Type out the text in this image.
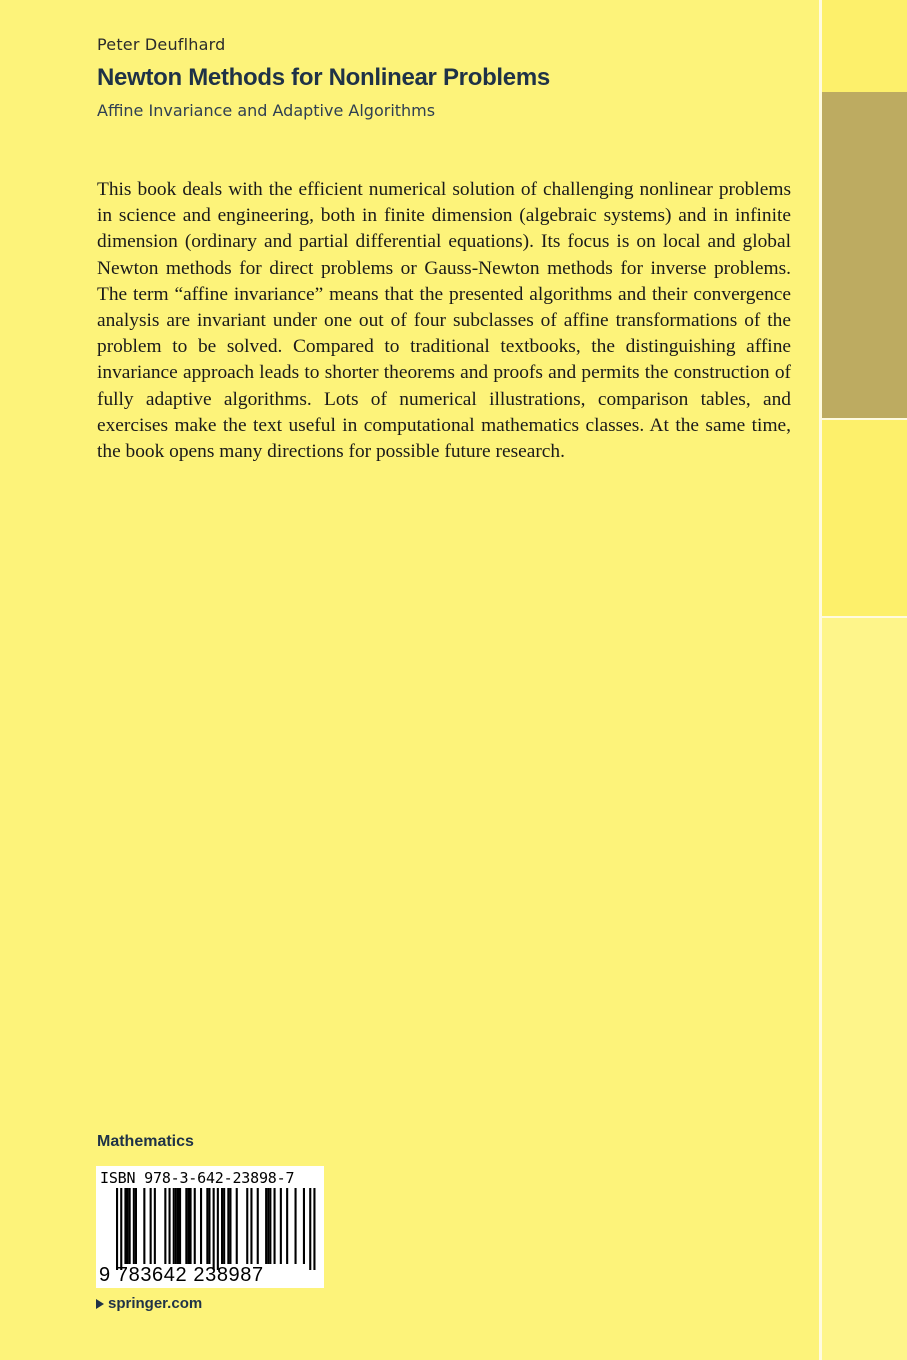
Peter Deuflhard
Newton Methods for Nonlinear Problems
Affine Invariance and Adaptive Algorithms

This book deals with the efficient numerical solution of challenging nonlinear problems in science and engineering, both in finite dimension (algebraic systems) and in infinite dimension (ordinary and partial differential equations). Its focus is on local and global Newton methods for direct problems or Gauss-Newton methods for inverse problems. The term “affine invariance” means that the presented algorithms and their convergence analysis are invariant under one out of four subclasses of affine transformations of the problem to be solved. Compared to traditional textbooks, the distinguishing affine invariance approach leads to shorter theorems and proofs and permits the construction of fully adaptive algorithms. Lots of numerical illustrations, comparison tables, and exercises make the text useful in computational mathematics classes. At the same time, the book opens many directions for possible future research.

Mathematics
ISBN 978-3-642-23898-7
9 783642 238987
springer.com
